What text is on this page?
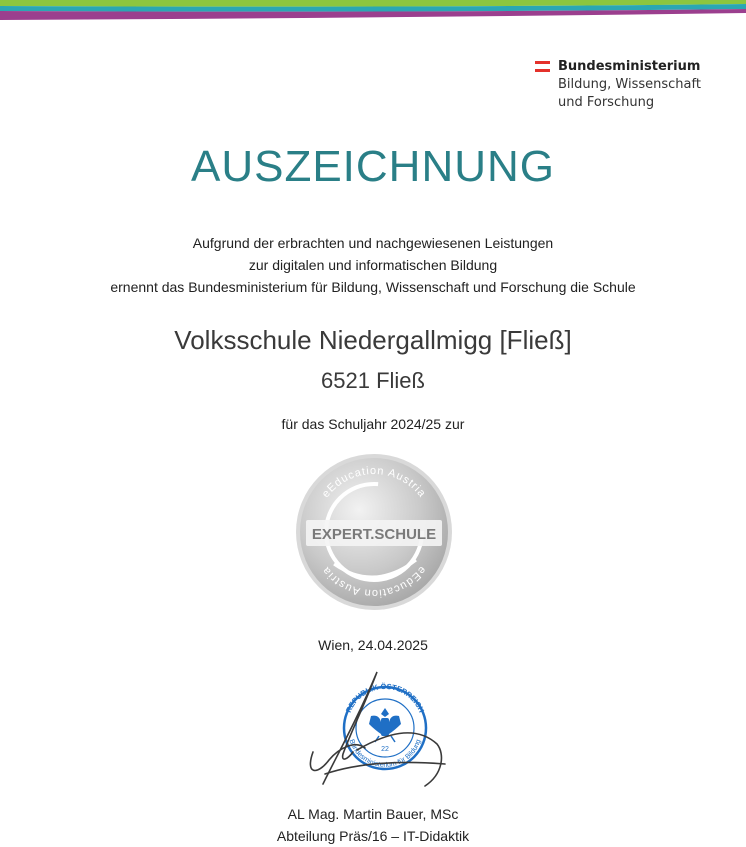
Bundesministerium
Bildung, Wissenschaft
und Forschung
AUSZEICHNUNG
Aufgrund der erbrachten und nachgewiesenen Leistungen
zur digitalen und informatischen Bildung
ernennt das Bundesministerium für Bildung, Wissenschaft und Forschung die Schule
Volksschule Niedergallmigg [Fließ]
6521 Fließ
für das Schuljahr 2024/25 zur
eEducation Austria
eEducation Austria
EXPERT.SCHULE
Wien, 24.04.2025
REPUBLIK ÖSTERREICH
Bundesministerium für Bildung
22
AL Mag. Martin Bauer, MSc
Abteilung Präs/16 – IT-Didaktik
